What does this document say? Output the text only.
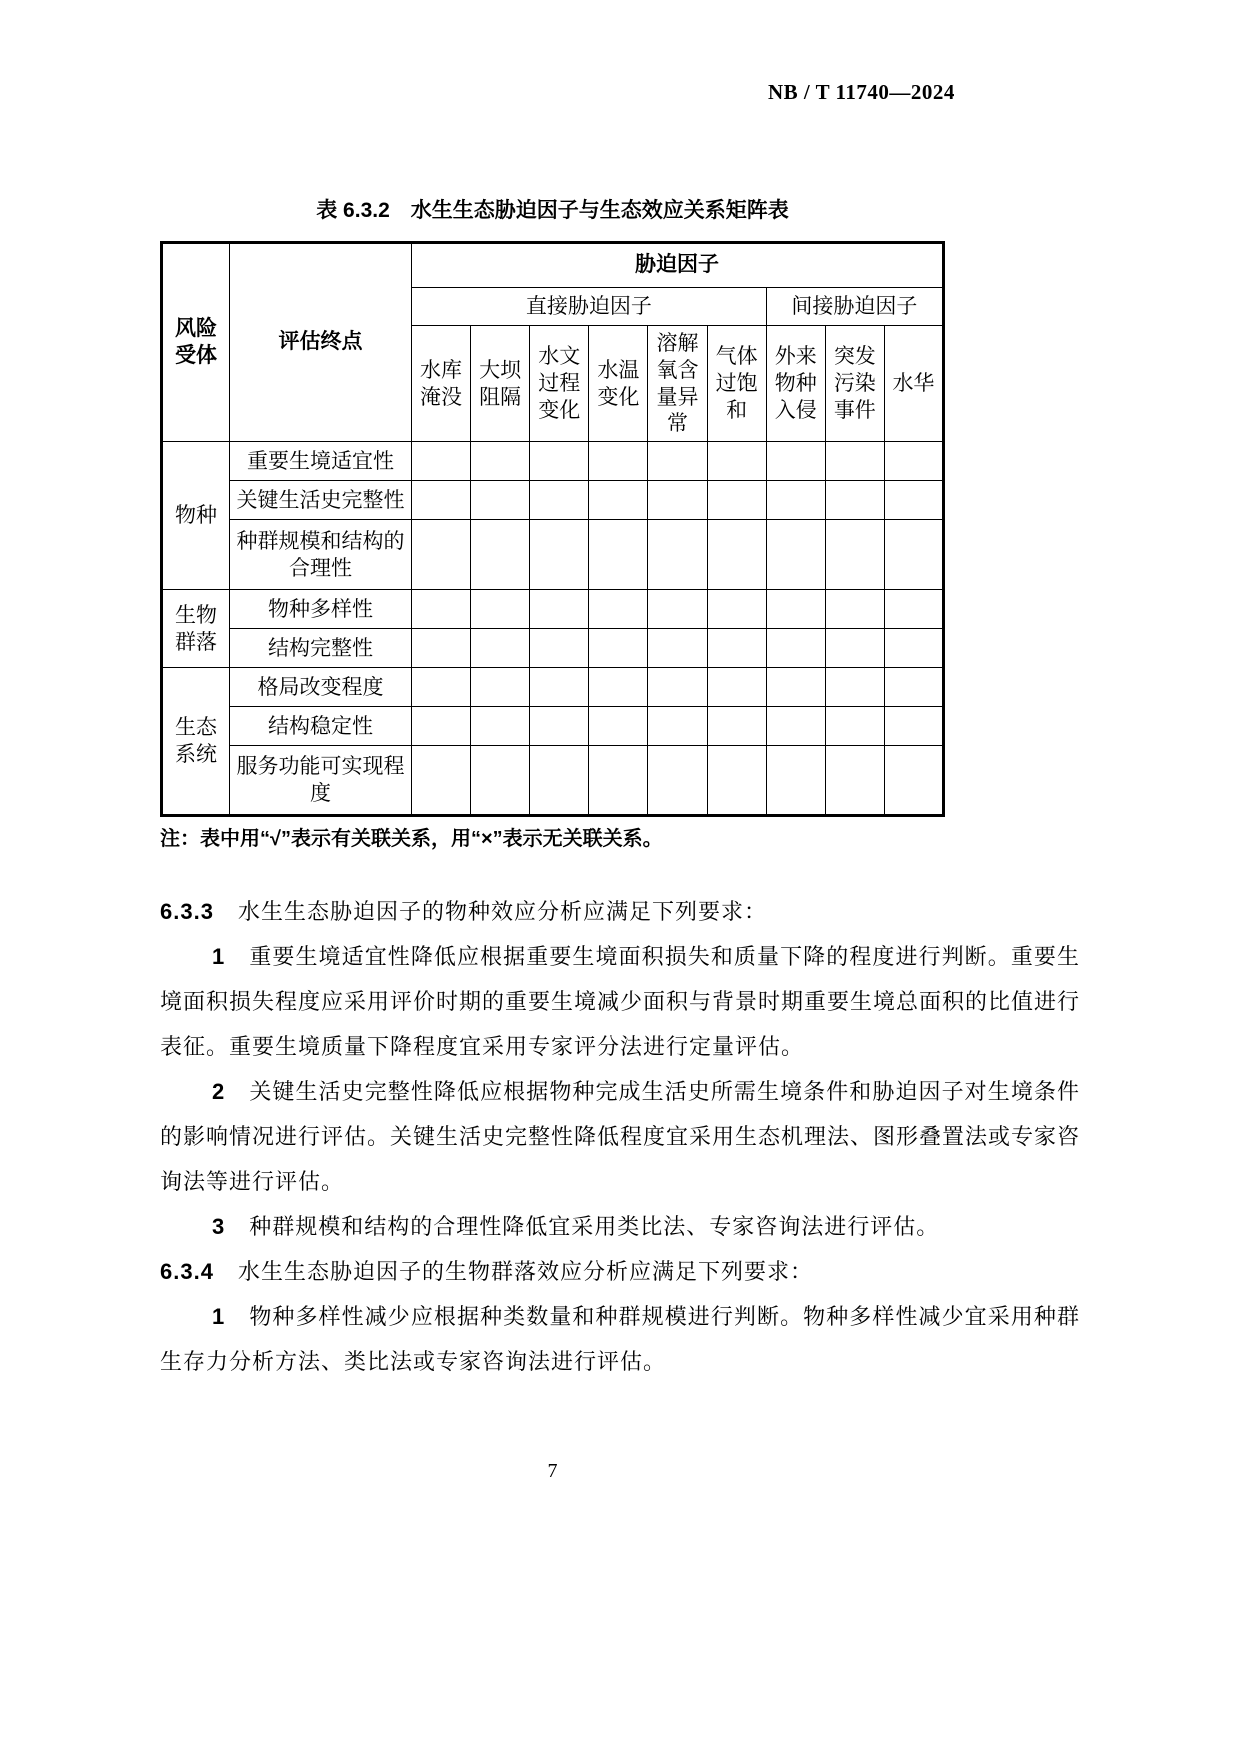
NB / T 11740—2024
表 6.3.2　水生生态胁迫因子与生态效应关系矩阵表
风险受体	评估终点	胁迫因子								
		直接胁迫因子						间接胁迫因子		
		水库淹没	大坝阻隔	水文过程变化	水温变化	溶解氧含量异常	气体过饱和	外来物种入侵	突发污染事件	水华
物种	重要生境适宜性									
	关键生活史完整性									
	种群规模和结构的合理性									
生物群落	物种多样性									
	结构完整性									
生态系统	格局改变程度									
	结构稳定性									
	服务功能可实现程度									
注：表中用“√”表示有关联关系，用“×”表示无关联关系。

6.3.3 水生生态胁迫因子的物种效应分析应满足下列要求：

1 重要生境适宜性降低应根据重要生境面积损失和质量下降的程度进行判断。重要生境面积损失程度应采用评价时期的重要生境减少面积与背景时期重要生境总面积的比值进行表征。重要生境质量下降程度宜采用专家评分法进行定量评估。

2 关键生活史完整性降低应根据物种完成生活史所需生境条件和胁迫因子对生境条件的影响情况进行评估。关键生活史完整性降低程度宜采用生态机理法、图形叠置法或专家咨询法等进行评估。

3 种群规模和结构的合理性降低宜采用类比法、专家咨询法进行评估。

6.3.4 水生生态胁迫因子的生物群落效应分析应满足下列要求：

1 物种多样性减少应根据种类数量和种群规模进行判断。物种多样性减少宜采用种群生存力分析方法、类比法或专家咨询法进行评估。

7
